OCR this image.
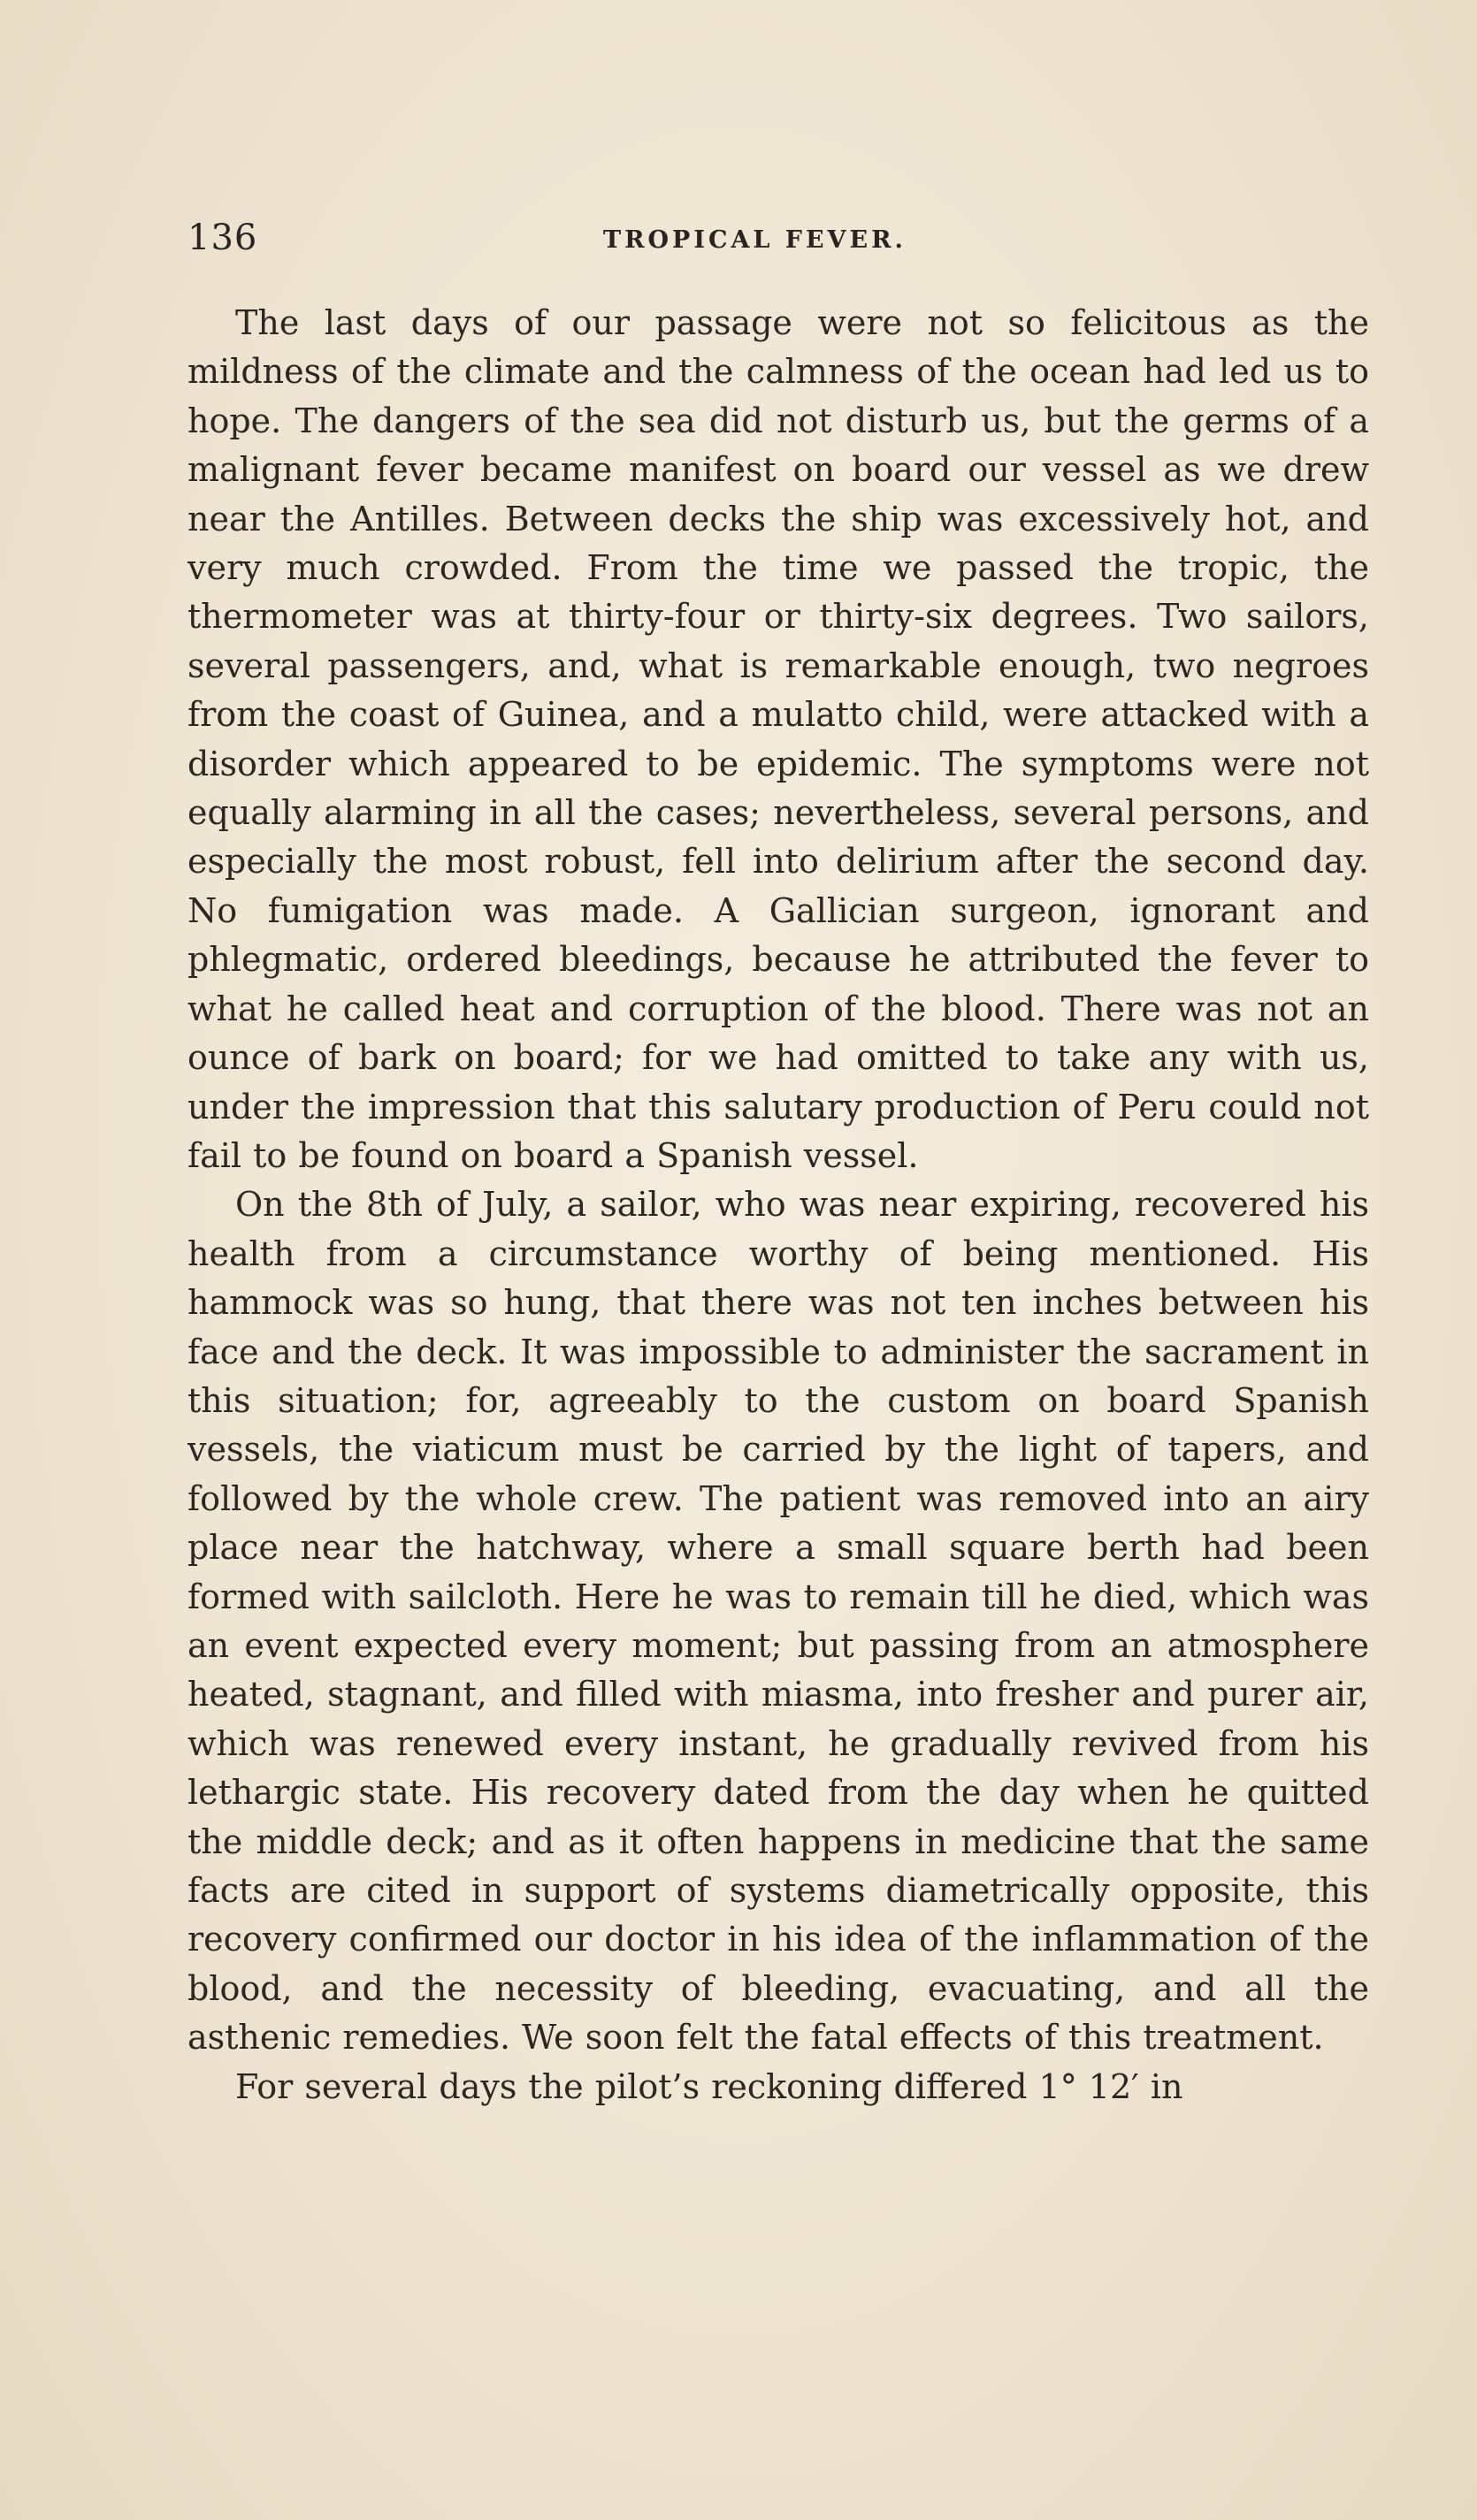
136	TROPICAL FEVER.

The last days of our passage were not so felicitous as the mildness of the climate and the calmness of the ocean had led us to hope. The dangers of the sea did not disturb us, but the germs of a malignant fever became manifest on board our vessel as we drew near the Antilles. Between decks the ship was excessively hot, and very much crowded. From the time we passed the tropic, the thermometer was at thirty-four or thirty-six degrees. Two sailors, several passengers, and, what is remarkable enough, two negroes from the coast of Guinea, and a mulatto child, were attacked with a disorder which appeared to be epidemic. The symptoms were not equally alarming in all the cases; nevertheless, several persons, and especially the most robust, fell into delirium after the second day. No fumigation was made. A Gallician surgeon, ignorant and phlegmatic, ordered bleedings, because he attributed the fever to what he called heat and corruption of the blood. There was not an ounce of bark on board; for we had omitted to take any with us, under the impression that this salutary production of Peru could not fail to be found on board a Spanish vessel.

On the 8th of July, a sailor, who was near expiring, recovered his health from a circumstance worthy of being mentioned. His hammock was so hung, that there was not ten inches between his face and the deck. It was impossible to administer the sacrament in this situation; for, agreeably to the custom on board Spanish vessels, the viaticum must be carried by the light of tapers, and followed by the whole crew. The patient was removed into an airy place near the hatchway, where a small square berth had been formed with sailcloth. Here he was to remain till he died, which was an event expected every moment; but passing from an atmosphere heated, stagnant, and filled with miasma, into fresher and purer air, which was renewed every instant, he gradually revived from his lethargic state. His recovery dated from the day when he quitted the middle deck; and as it often happens in medicine that the same facts are cited in support of systems diametrically opposite, this recovery confirmed our doctor in his idea of the inflammation of the blood, and the necessity of bleeding, evacuating, and all the asthenic remedies. We soon felt the fatal effects of this treatment.

For several days the pilot’s reckoning differed 1° 12′ in
